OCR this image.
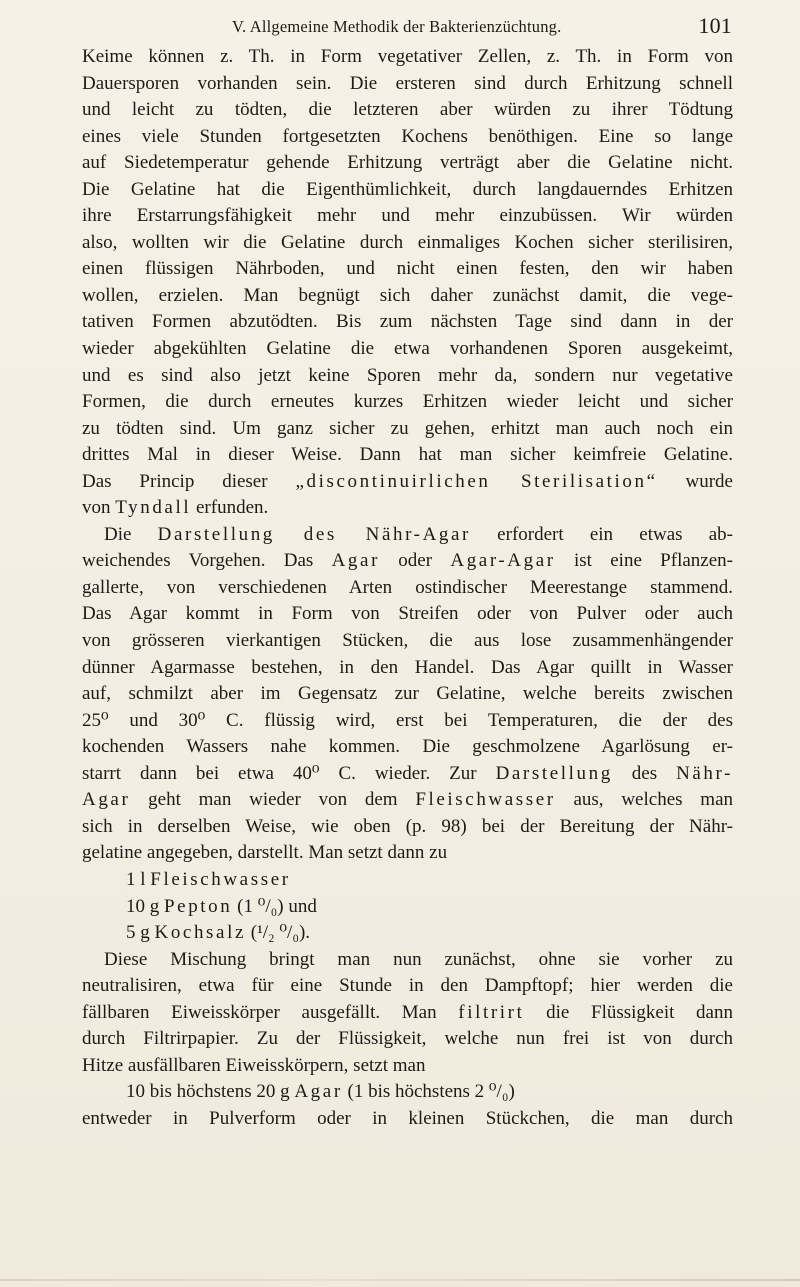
V. Allgemeine Methodik der Bakterienzüchtung.	101
Keime können z. Th. in Form vegetativer Zellen, z. Th. in Form von
Dauersporen vorhanden sein. Die ersteren sind durch Erhitzung schnell
und leicht zu tödten, die letzteren aber würden zu ihrer Tödtung
eines viele Stunden fortgesetzten Kochens benöthigen. Eine so lange
auf Siedetemperatur gehende Erhitzung verträgt aber die Gelatine nicht.
Die Gelatine hat die Eigenthümlichkeit, durch langdauerndes Erhitzen
ihre Erstarrungsfähigkeit mehr und mehr einzubüssen. Wir würden
also, wollten wir die Gelatine durch einmaliges Kochen sicher sterilisiren,
einen flüssigen Nährboden, und nicht einen festen, den wir haben
wollen, erzielen. Man begnügt sich daher zunächst damit, die vege-
tativen Formen abzutödten. Bis zum nächsten Tage sind dann in der
wieder abgekühlten Gelatine die etwa vorhandenen Sporen ausgekeimt,
und es sind also jetzt keine Sporen mehr da, sondern nur vegetative
Formen, die durch erneutes kurzes Erhitzen wieder leicht und sicher
zu tödten sind. Um ganz sicher zu gehen, erhitzt man auch noch ein
drittes Mal in dieser Weise. Dann hat man sicher keimfreie Gelatine.
Das Princip dieser „discontinuirlichen Sterilisation“ wurde
von Tyndall erfunden.
Die Darstellung des Nähr-Agar erfordert ein etwas ab-
weichendes Vorgehen. Das Agar oder Agar-Agar ist eine Pflanzen-
gallerte, von verschiedenen Arten ostindischer Meerestange stammend.
Das Agar kommt in Form von Streifen oder von Pulver oder auch
von grösseren vierkantigen Stücken, die aus lose zusammenhängender
dünner Agarmasse bestehen, in den Handel. Das Agar quillt in Wasser
auf, schmilzt aber im Gegensatz zur Gelatine, welche bereits zwischen
25⁰ und 30⁰ C. flüssig wird, erst bei Temperaturen, die der des
kochenden Wassers nahe kommen. Die geschmolzene Agarlösung er-
starrt dann bei etwa 40⁰ C. wieder. Zur Darstellung des Nähr-
Agar geht man wieder von dem Fleischwasser aus, welches man
sich in derselben Weise, wie oben (p. 98) bei der Bereitung der Nähr-
gelatine angegeben, darstellt. Man setzt dann zu
1 l Fleischwasser
10 g Pepton (1 ⁰/₀) und
5 g Kochsalz (¹/₂ ⁰/₀).
Diese Mischung bringt man nun zunächst, ohne sie vorher zu
neutralisiren, etwa für eine Stunde in den Dampftopf; hier werden die
fällbaren Eiweisskörper ausgefällt. Man filtrirt die Flüssigkeit dann
durch Filtrirpapier. Zu der Flüssigkeit, welche nun frei ist von durch
Hitze ausfällbaren Eiweisskörpern, setzt man
10 bis höchstens 20 g Agar (1 bis höchstens 2 ⁰/₀)
entweder in Pulverform oder in kleinen Stückchen, die man durch
